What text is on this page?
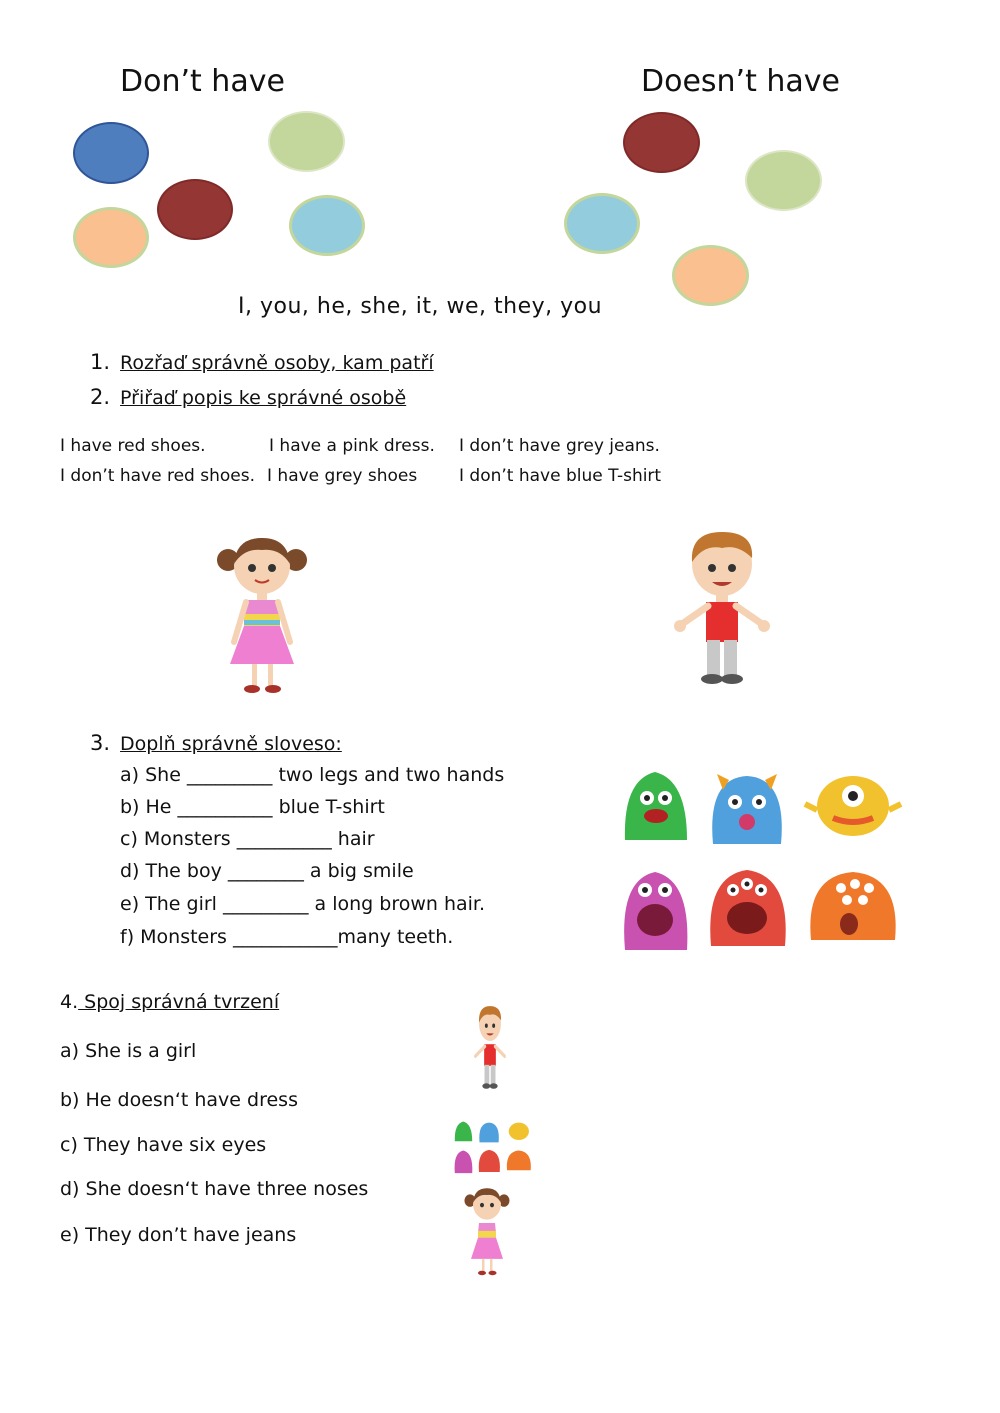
Don’t have	Doesn’t have
I, you, he, she, it, we, they, you
1. Rozřaď správně osoby, kam patří
2. Přiřaď popis ke správné osobě
I have red shoes.	I have a pink dress. I don’t have grey jeans.
I don’t have red shoes. I have grey shoes I don’t have blue T-shirt
3. Doplň správně sloveso:
a) She _________ two legs and two hands
b) He __________ blue T-shirt
c) Monsters __________ hair
d) The boy ________ a big smile
e) The girl _________ a long brown hair.
f) Monsters ___________many teeth.
4. Spoj správná tvrzení
a) She is a girl
b) He doesn‘t have dress
c) They have six eyes
d) She doesn‘t have three noses
e) They don’t have jeans
